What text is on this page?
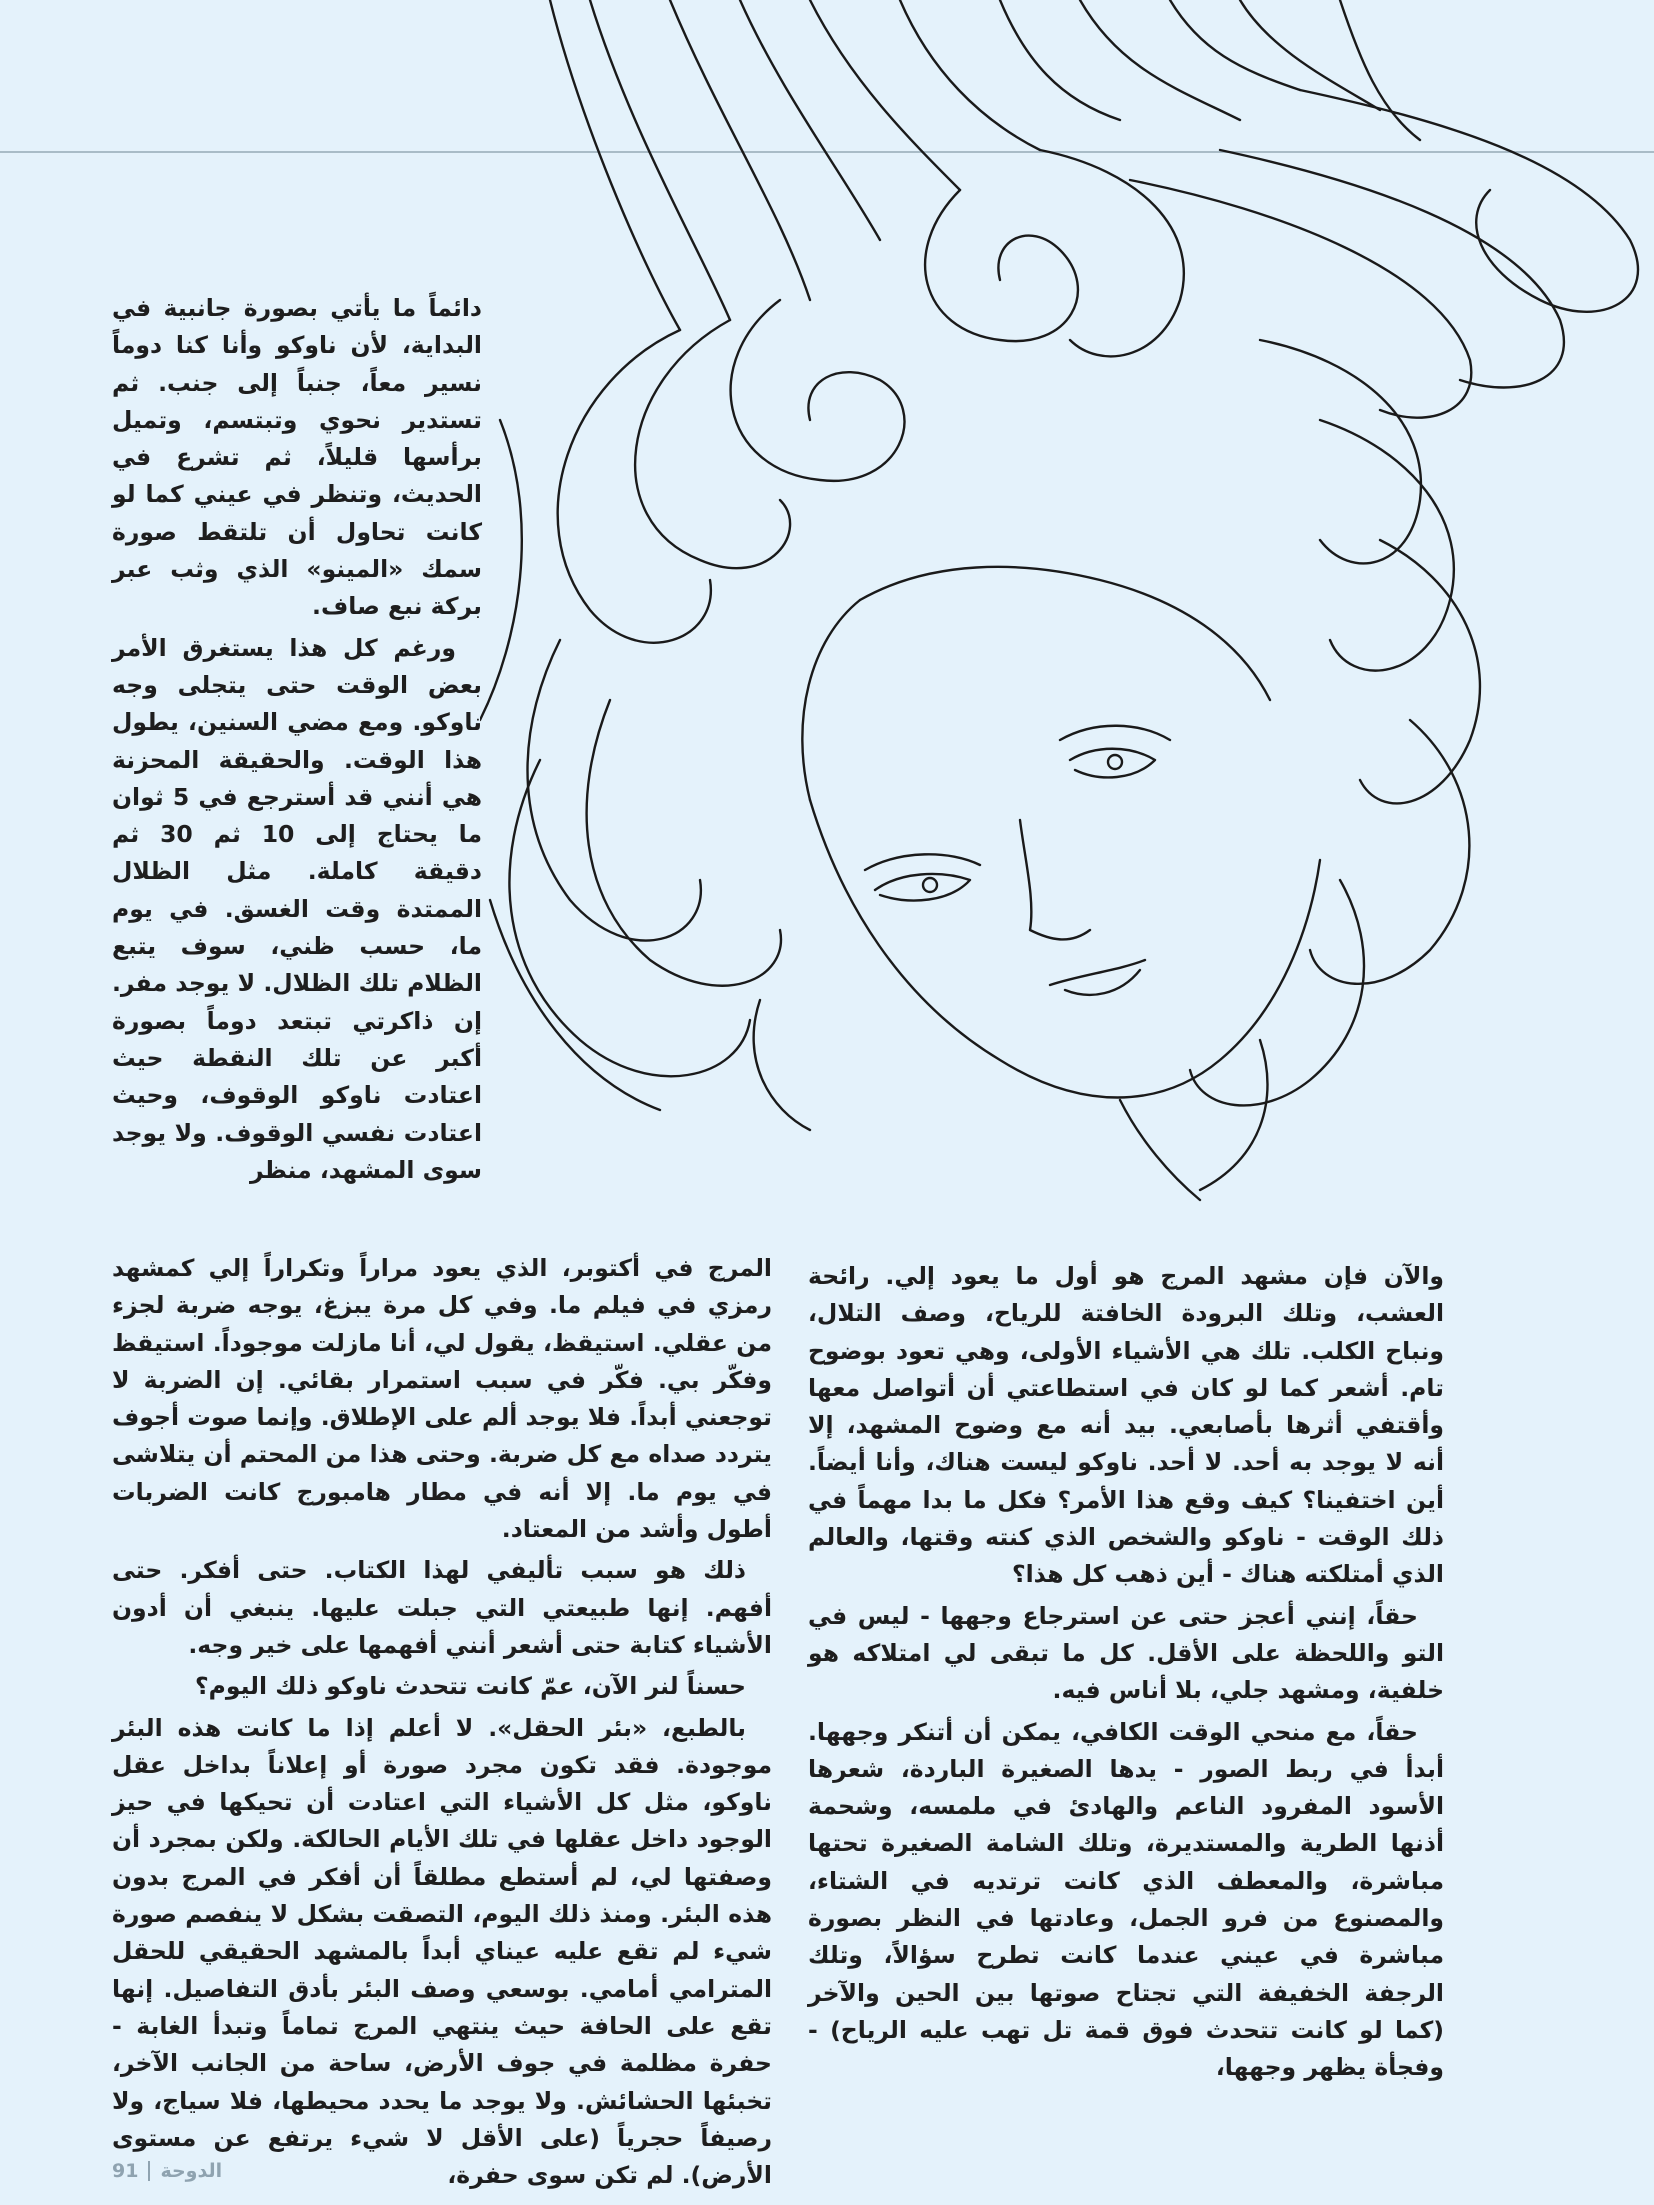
دائماً ما يأتي بصورة جانبية في البداية، لأن ناوكو وأنا كنا دوماً نسير معاً، جنباً إلى جنب. ثم تستدير نحوي وتبتسم، وتميل برأسها قليلاً، ثم تشرع في الحديث، وتنظر في عيني كما لو كانت تحاول أن تلتقط صورة سمك «المينو» الذي وثب عبر بركة نبع صاف.

ورغم كل هذا يستغرق الأمر بعض الوقت حتى يتجلى وجه ناوكو. ومع مضي السنين، يطول هذا الوقت. والحقيقة المحزنة هي أنني قد أسترجع في 5 ثوان ما يحتاج إلى 10 ثم 30 ثم دقيقة كاملة. مثل الظلال الممتدة وقت الغسق. في يوم ما، حسب ظني، سوف يتبع الظلام تلك الظلال. لا يوجد مفر. إن ذاكرتي تبتعد دوماً بصورة أكبر عن تلك النقطة حيث اعتادت ناوكو الوقوف، وحيث اعتادت نفسي الوقوف. ولا يوجد سوى المشهد، منظر

المرج في أكتوبر، الذي يعود مراراً وتكراراً إلي كمشهد رمزي في فيلم ما. وفي كل مرة يبزغ، يوجه ضربة لجزء من عقلي. استيقظ، يقول لي، أنا مازلت موجوداً. استيقظ وفكّر بي. فكّر في سبب استمرار بقائي. إن الضربة لا توجعني أبداً. فلا يوجد ألم على الإطلاق. وإنما صوت أجوف يتردد صداه مع كل ضربة. وحتى هذا من المحتم أن يتلاشى في يوم ما. إلا أنه في مطار هامبورج كانت الضربات أطول وأشد من المعتاد.

ذلك هو سبب تأليفي لهذا الكتاب. حتى أفكر. حتى أفهم. إنها طبيعتي التي جبلت عليها. ينبغي أن أدون الأشياء كتابة حتى أشعر أنني أفهمها على خير وجه.

حسناً لنر الآن، عمّ كانت تتحدث ناوكو ذلك اليوم؟

بالطبع، «بئر الحقل». لا أعلم إذا ما كانت هذه البئر موجودة. فقد تكون مجرد صورة أو إعلاناً بداخل عقل ناوكو، مثل كل الأشياء التي اعتادت أن تحيكها في حيز الوجود داخل عقلها في تلك الأيام الحالكة. ولكن بمجرد أن وصفتها لي، لم أستطع مطلقاً أن أفكر في المرج بدون هذه البئر. ومنذ ذلك اليوم، التصقت بشكل لا ينفصم صورة شيء لم تقع عليه عيناي أبداً بالمشهد الحقيقي للحقل المترامي أمامي. بوسعي وصف البئر بأدق التفاصيل. إنها تقع على الحافة حيث ينتهي المرج تماماً وتبدأ الغابة - حفرة مظلمة في جوف الأرض، ساحة من الجانب الآخر، تخبئها الحشائش. ولا يوجد ما يحدد محيطها، فلا سياج، ولا رصيفاً حجرياً (على الأقل لا شيء يرتفع عن مستوى الأرض). لم تكن سوى حفرة،

والآن فإن مشهد المرج هو أول ما يعود إلي. رائحة العشب، وتلك البرودة الخافتة للرياح، وصف التلال، ونباح الكلب. تلك هي الأشياء الأولى، وهي تعود بوضوح تام. أشعر كما لو كان في استطاعتي أن أتواصل معها وأقتفي أثرها بأصابعي. بيد أنه مع وضوح المشهد، إلا أنه لا يوجد به أحد. لا أحد. ناوكو ليست هناك، وأنا أيضاً. أين اختفينا؟ كيف وقع هذا الأمر؟ فكل ما بدا مهماً في ذلك الوقت - ناوكو والشخص الذي كنته وقتها، والعالم الذي أمتلكته هناك - أين ذهب كل هذا؟

حقاً، إنني أعجز حتى عن استرجاع وجهها - ليس في التو واللحظة على الأقل. كل ما تبقى لي امتلاكه هو خلفية، ومشهد جلي، بلا أناس فيه.

حقاً، مع منحي الوقت الكافي، يمكن أن أتنكر وجهها. أبدأ في ربط الصور - يدها الصغيرة الباردة، شعرها الأسود المفرود الناعم والهادئ في ملمسه، وشحمة أذنها الطرية والمستديرة، وتلك الشامة الصغيرة تحتها مباشرة، والمعطف الذي كانت ترتديه في الشتاء، والمصنوع من فرو الجمل، وعادتها في النظر بصورة مباشرة في عيني عندما كانت تطرح سؤالاً، وتلك الرجفة الخفيفة التي تجتاح صوتها بين الحين والآخر (كما لو كانت تتحدث فوق قمة تل تهب عليه الرياح) - وفجأة يظهر وجهها،

91 الدوحة
